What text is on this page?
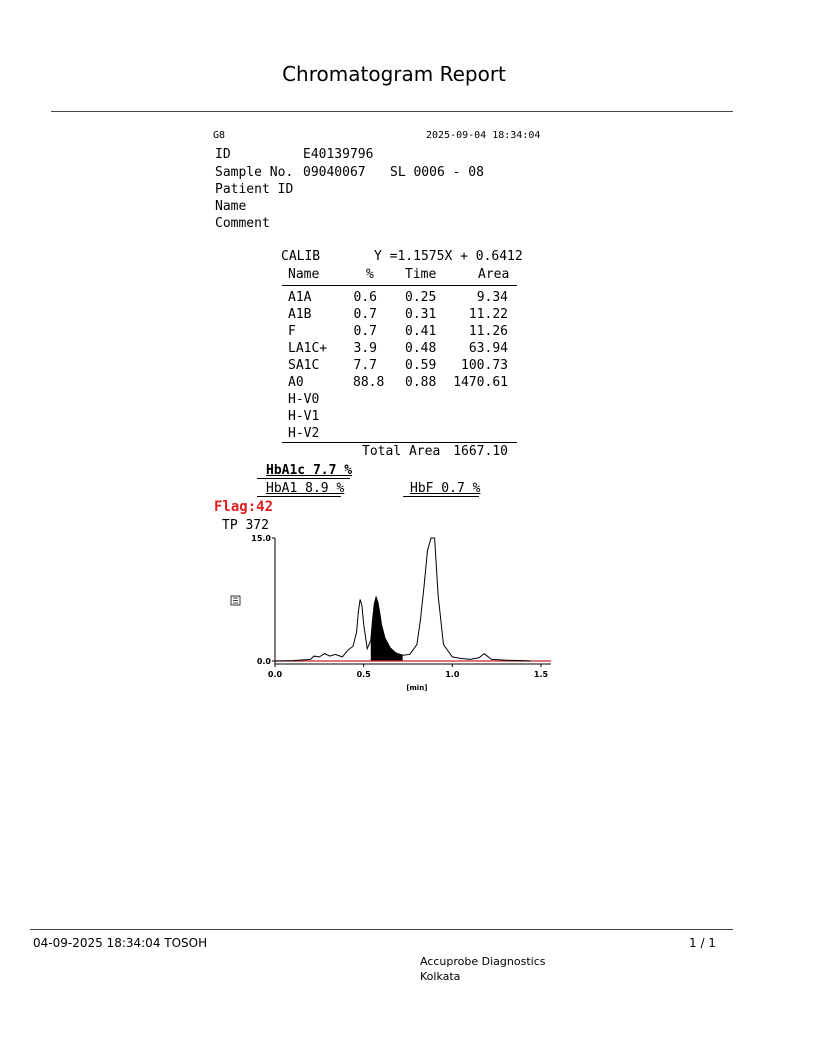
Chromatogram Report
G8	2025-09-04 18:34:04
ID	E40139796
Sample No. 09040067 SL 0006 - 08
Patient ID
Name
Comment
CALIB	Y =1.1575X + 0.6412
Name	% Time	Area
A1A	0.6 0.25	9.34
A1B	0.7 0.31	11.22
F	0.7 0.41	11.26
LA1C+ 3.9 0.48	63.94
SA1C	7.7 0.59	100.73
A0	88.8 0.88	1470.61
H-V0
H-V1
H-V2
Total Area 1667.10
HbA1c 7.7 %
HbA1 8.9 %	HbF 0.7 %
Flag:42
TP 372
15.0
0.0
0.0	0.5	1.0	1.5
[min]
04-09-2025 18:34:04 TOSOH	1 / 1
Accuprobe Diagnostics
Kolkata
